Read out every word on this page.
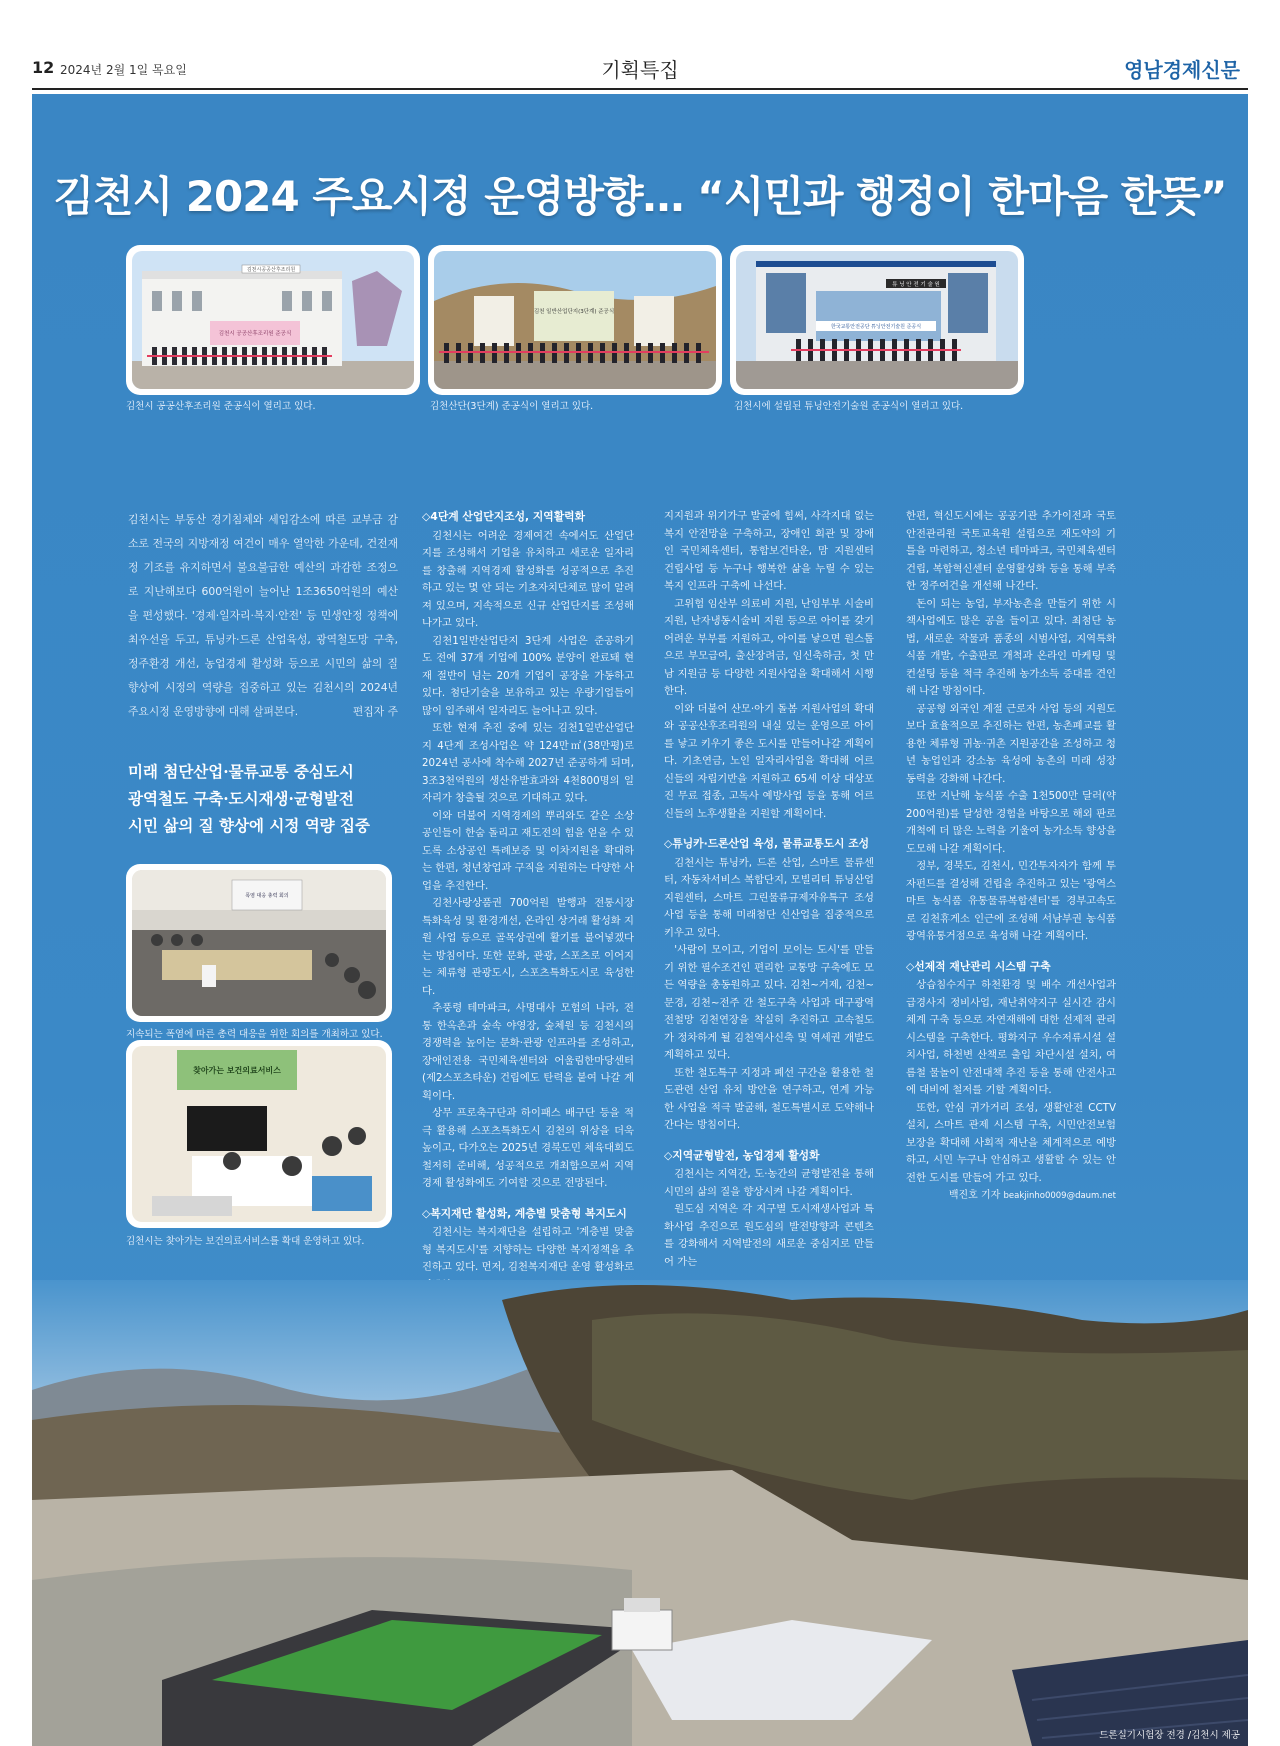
12 2024년 2월 1일 목요일	기획특집	영남경제신문
김천시 2024 주요시정 운영방향… “시민과 행정이 한마음 한뜻”
김천시공공산후조리원
김천시 공공산후조리원 준공식
김천시 공공산후조리원 준공식이 열리고 있다.
김천 일반산업단지(3단계) 준공식
김천산단(3단계) 준공식이 열리고 있다.
튜 닝 안 전 기 술 원
한국교통안전공단 튜닝안전기술원 준공식
김천시에 설립된 튜닝안전기술원 준공식이 열리고 있다.
김천시는 부동산 경기침체와 세입감소에 따른 교부금 감소로 전국의 지방재정 여건이 매우 열악한 가운데, 건전재정 기조를 유지하면서 불요불급한 예산의 과감한 조정으로 지난해보다 600억원이 늘어난 1조3650억원의 예산을 편성했다. '경제·일자리·복지·안전' 등 민생안정 정책에 최우선을 두고, 튜닝카·드론 산업육성, 광역철도망 구축, 정주환경 개선, 농업경제 활성화 등으로 시민의 삶의 질 향상에 시정의 역량을 집중하고 있는 김천시의 2024년 주요시정 운영방향에 대해 살펴본다.	편집자 주
미래 첨단산업·물류교통 중심도시
광역철도 구축·도시재생·균형발전
시민 삶의 질 향상에 시정 역량 집중
폭염 대응 총력 회의
지속되는 폭염에 따른 총력 대응을 위한 회의를 개최하고 있다.
찾아가는 보건의료서비스
김천시는 찾아가는 보건의료서비스를 확대 운영하고 있다.
◇4단계 산업단지조성, 지역활력화

김천시는 어려운 경제여건 속에서도 산업단지를 조성해서 기업을 유치하고 새로운 일자리를 창출해 지역경제 활성화를 성공적으로 추진하고 있는 몇 안 되는 기초자치단체로 많이 알려져 있으며, 지속적으로 신규 산업단지를 조성해 나가고 있다.

김천1일반산업단지 3단계 사업은 준공하기도 전에 37개 기업에 100% 분양이 완료돼 현재 절반이 넘는 20개 기업이 공장을 가동하고 있다. 첨단기술을 보유하고 있는 우량기업들이 많이 입주해서 일자리도 늘어나고 있다.

또한 현재 추진 중에 있는 김천1일반산업단지 4단계 조성사업은 약 124만㎡(38만평)로 2024년 공사에 착수해 2027년 준공하게 되며, 3조3천억원의 생산유발효과와 4천800명의 일자리가 창출될 것으로 기대하고 있다.

이와 더불어 지역경제의 뿌리와도 같은 소상공인들이 한숨 돌리고 재도전의 힘을 얻을 수 있도록 소상공인 특례보증 및 이차지원을 확대하는 한편, 청년창업과 구직을 지원하는 다양한 사업을 추진한다.

김천사랑상품권 700억원 발행과 전통시장 특화육성 및 환경개선, 온라인 상거래 활성화 지원 사업 등으로 골목상권에 활기를 불어넣겠다는 방침이다. 또한 문화, 관광, 스포츠로 이어지는 체류형 관광도시, 스포츠특화도시로 육성한다.

추풍령 테마파크, 사명대사 모험의 나라, 전통 한옥촌과 숲속 야영장, 숲체원 등 김천시의 경쟁력을 높이는 문화·관광 인프라를 조성하고, 장애인전용 국민체육센터와 어울림한마당센터(제2스포츠타운) 건립에도 탄력을 붙여 나갈 계획이다.

상무 프로축구단과 하이패스 배구단 등을 적극 활용해 스포츠특화도시 김천의 위상을 더욱 높이고, 다가오는 2025년 경북도민 체육대회도 철저히 준비해, 성공적으로 개최함으로써 지역경제 활성화에도 기여할 것으로 전망된다.

◇복지재단 활성화, 계층별 맞춤형 복지도시

김천시는 복지재단을 설립하고 '계층별 맞춤형 복지도시'를 지향하는 다양한 복지정책을 추진하고 있다. 먼저, 김천복지재단 운영 활성화로

지지원과 위기가구 발굴에 힘써, 사각지대 없는 복지 안전망을 구축하고, 장애인 회관 및 장애인 국민체육센터, 통합보건타운, 맘 지원센터 건립사업 등 누구나 행복한 삶을 누릴 수 있는 복지 인프라 구축에 나선다.

고위험 임산부 의료비 지원, 난임부부 시술비 지원, 난자냉동시술비 지원 등으로 아이를 갖기 어려운 부부를 지원하고, 아이를 낳으면 원스톱으로 부모급여, 출산장려금, 임신축하금, 첫 만남 지원금 등 다양한 지원사업을 확대해서 시행한다.

이와 더불어 산모·아기 돌봄 지원사업의 확대와 공공산후조리원의 내실 있는 운영으로 아이를 낳고 키우기 좋은 도시를 만들어나갈 계획이다. 기초연금, 노인 일자리사업을 확대해 어르신들의 자립기반을 지원하고 65세 이상 대상포진 무료 접종, 고독사 예방사업 등을 통해 어르신들의 노후생활을 지원할 계획이다.

◇튜닝카·드론산업 육성, 물류교통도시 조성

김천시는 튜닝카, 드론 산업, 스마트 물류센터, 자동차서비스 복합단지, 모빌리티 튜닝산업지원센터, 스마트 그린물류규제자유특구 조성사업 등을 통해 미래첨단 신산업을 집중적으로 키우고 있다.

'사람이 모이고, 기업이 모이는 도시'를 만들기 위한 필수조건인 편리한 교통망 구축에도 모든 역량을 총동원하고 있다. 김천~거제, 김천~문경, 김천~전주 간 철도구축 사업과 대구광역전철망 김천연장을 착실히 추진하고 고속철도가 정차하게 될 김천역사신축 및 역세권 개발도 계획하고 있다.

또한 철도특구 지정과 폐선 구간을 활용한 철도관련 산업 유치 방안을 연구하고, 연계 가능한 사업을 적극 발굴해, 철도특별시로 도약해나간다는 방침이다.

◇지역균형발전, 농업경제 활성화

김천시는 지역간, 도·농간의 균형발전을 통해 시민의 삶의 질을 향상시켜 나갈 계획이다.

원도심 지역은 각 지구별 도시재생사업과 특화사업 추진으로 원도심의 발전방향과 콘텐츠를 강화해서 지역발전의 새로운 중심지로 만들어 가는

한편, 혁신도시에는 공공기관 추가이전과 국토안전관리원 국토교육원 설립으로 재도약의 기틀을 마련하고, 청소년 테마파크, 국민체육센터 건립, 복합혁신센터 운영활성화 등을 통해 부족한 정주여건을 개선해 나간다.

돈이 되는 농업, 부자농촌을 만들기 위한 시책사업에도 많은 공을 들이고 있다. 최첨단 농법, 새로운 작물과 품종의 시범사업, 지역특화식품 개발, 수출판로 개척과 온라인 마케팅 및 컨설팅 등을 적극 추진해 농가소득 증대를 견인해 나갈 방침이다.

공공형 외국인 계절 근로자 사업 등의 지원도 보다 효율적으로 추진하는 한편, 농촌폐교를 활용한 체류형 귀농·귀촌 지원공간을 조성하고 청년 농업인과 강소농 육성에 농촌의 미래 성장 동력을 강화해 나간다.

또한 지난해 농식품 수출 1천500만 달러(약 200억원)를 달성한 경험을 바탕으로 해외 판로개척에 더 많은 노력을 기울여 농가소득 향상을 도모해 나갈 계획이다.

정부, 경북도, 김천시, 민간투자자가 함께 투자펀드를 결성해 건립을 추진하고 있는 '광역스마트 농식품 유통물류복합센터'를 경부고속도로 김천휴게소 인근에 조성해 서남부권 농식품 광역유통거점으로 육성해 나갈 계획이다.

◇선제적 재난관리 시스템 구축

상습침수지구 하천환경 및 배수 개선사업과 급경사지 정비사업, 재난취약지구 실시간 감시체계 구축 등으로 자연재해에 대한 선제적 관리시스템을 구축한다. 평화지구 우수저류시설 설치사업, 하천변 산책로 출입 차단시설 설치, 여름철 물놀이 안전대책 추진 등을 통해 안전사고에 대비에 철저를 기할 계획이다.

또한, 안심 귀가거리 조성, 생활안전 CCTV 설치, 스마트 관제 시스템 구축, 시민안전보험 보장을 확대해 사회적 재난을 체계적으로 예방하고, 시민 누구나 안심하고 생활할 수 있는 안전한 도시를 만들어 가고 있다.

백진호 기자 beakjinho0009@daum.net
드론실기시험장 전경 /김천시 제공
